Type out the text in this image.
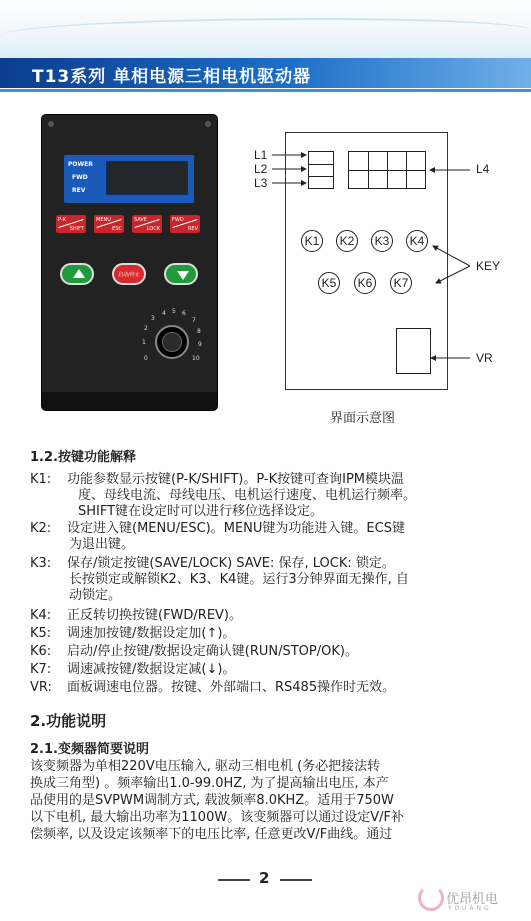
T13系列 单相电源三相电机驱动器
POWER
FWD
REV
P-K
SHIFT
MENU
ESC
SAVE
LOCK
FWD
REV
启动/停止
0
1
2
3
4 5 6
7
8
9
10
K1	K2	K3	K4
K5	K6	K7
L1
L2
L3
L4
KEY
VR
界面示意图
1.2.按键功能解释
K1: 功能参数显示按键(P-K/SHIFT)。P-K按键可查询IPM模块温
度、母线电流、母线电压、电机运行速度、电机运行频率。
SHIFT键在设定时可以进行移位选择设定。
K2: 设定进入键(MENU/ESC)。MENU键为功能进入键。ECS键
为退出键。
K3: 保存/锁定按键(SAVE/LOCK) SAVE: 保存, LOCK: 锁定。
长按锁定或解锁K2、K3、K4键。运行3分钟界面无操作, 自
动锁定。
K4: 正反转切换按键(FWD/REV)。
K5: 调速加按键/数据设定加(↑)。
K6: 启动/停止按键/数据设定确认键(RUN/STOP/OK)。
K7: 调速减按键/数据设定减(↓)。
VR: 面板调速电位器。按键、外部端口、RS485操作时无效。
2.功能说明
2.1.变频器简要说明
该变频器为单相220V电压输入, 驱动三相电机 (务必把接法转
换成三角型) 。频率输出1.0-99.0HZ, 为了提高输出电压, 本产
品使用的是SVPWM调制方式, 载波频率8.0KHZ。适用于750W
以下电机, 最大输出功率为1100W。该变频器可以通过设定V/F补
偿频率, 以及设定该频率下的电压比率, 任意更改V/F曲线。通过
2
优昂机电
YOUANG
